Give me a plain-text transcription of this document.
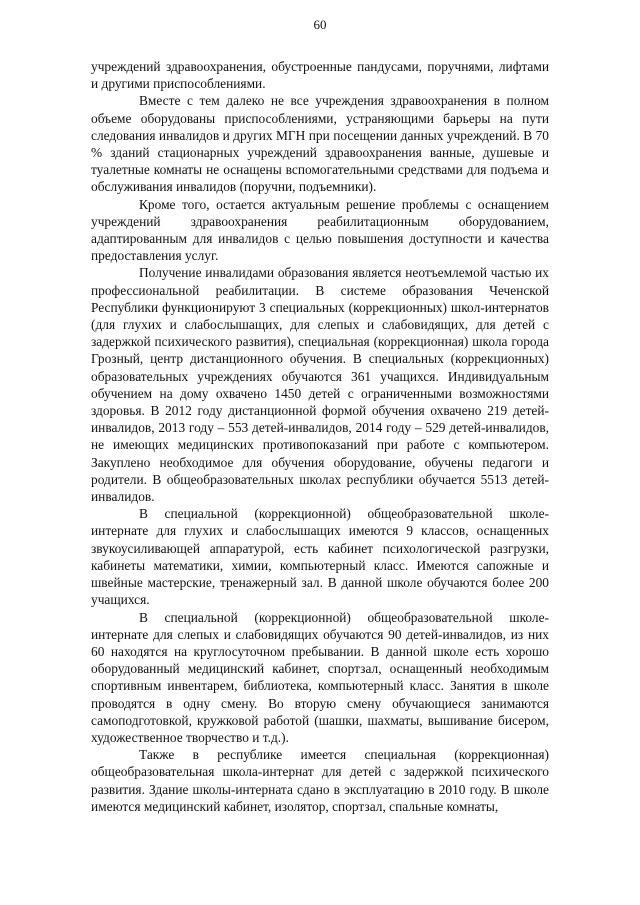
60

учреждений здравоохранения, обустроенные пандусами, поручнями, лифтами и другими приспособлениями.

Вместе с тем далеко не все учреждения здравоохранения в полном объеме оборудованы приспособлениями, устраняющими барьеры на пути следования инвалидов и других МГН при посещении данных учреждений. В 70 % зданий стационарных учреждений здравоохранения ванные, душевые и туалетные комнаты не оснащены вспомогательными средствами для подъема и обслуживания инвалидов (поручни, подъемники).

Кроме того, остается актуальным решение проблемы с оснащением учреждений здравоохранения реабилитационным оборудованием, адаптированным для инвалидов с целью повышения доступности и качества предоставления услуг.

Получение инвалидами образования является неотъемлемой частью их профессиональной реабилитации. В системе образования Чеченской Республики функционируют 3 специальных (коррекционных) школ-интернатов (для глухих и слабослышащих, для слепых и слабовидящих, для детей с задержкой психического развития), специальная (коррекционная) школа города Грозный, центр дистанционного обучения. В специальных (коррекционных) образовательных учреждениях обучаются 361 учащихся. Индивидуальным обучением на дому охвачено 1450 детей с ограниченными возможностями здоровья. В 2012 году дистанционной формой обучения охвачено 219 детей-инвалидов, 2013 году – 553 детей-инвалидов, 2014 году – 529 детей-инвалидов, не имеющих медицинских противопоказаний при работе с компьютером. Закуплено необходимое для обучения оборудование, обучены педагоги и родители. В общеобразовательных школах республики обучается 5513 детей-инвалидов.

В специальной (коррекционной) общеобразовательной школе-интернате для глухих и слабослышащих имеются 9 классов, оснащенных звукоусиливающей аппаратурой, есть кабинет психологической разгрузки, кабинеты математики, химии, компьютерный класс. Имеются сапожные и швейные мастерские, тренажерный зал. В данной школе обучаются более 200 учащихся.

В специальной (коррекционной) общеобразовательной школе-интернате для слепых и слабовидящих обучаются 90 детей-инвалидов, из них 60 находятся на круглосуточном пребывании. В данной школе есть хорошо оборудованный медицинский кабинет, спортзал, оснащенный необходимым спортивным инвентарем, библиотека, компьютерный класс. Занятия в школе проводятся в одну смену. Во вторую смену обучающиеся занимаются самоподготовкой, кружковой работой (шашки, шахматы, вышивание бисером, художественное творчество и т.д.).

Также в республике имеется специальная (коррекционная) общеобразовательная школа-интернат для детей с задержкой психического развития. Здание школы-интерната сдано в эксплуатацию в 2010 году. В школе имеются медицинский кабинет, изолятор, спортзал, спальные комнаты,
